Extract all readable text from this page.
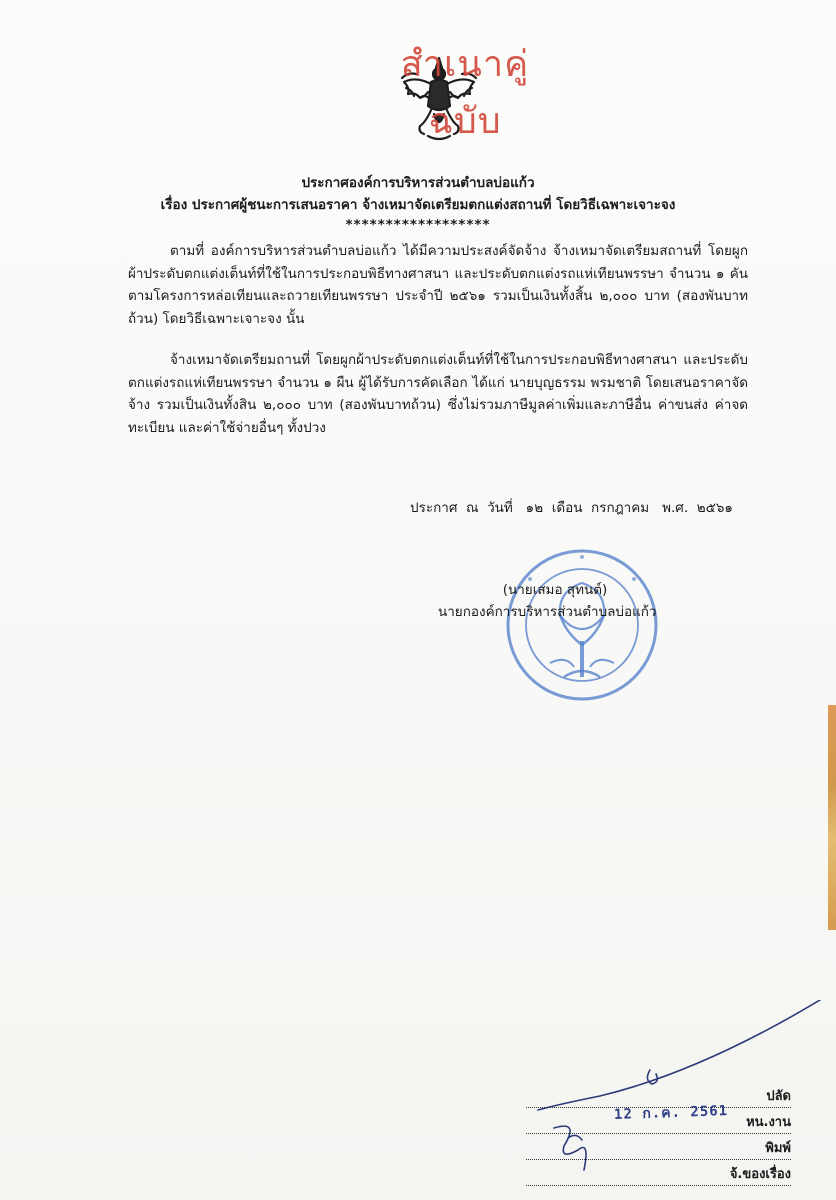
สำเนาคู่ฉบับ
ประกาศองค์การบริหารส่วนตำบลบ่อแก้ว
เรื่อง ประกาศผู้ชนะการเสนอราคา จ้างเหมาจัดเตรียมตกแต่งสถานที่ โดยวิธีเฉพาะเจาะจง
******************

ตามที่ องค์การบริหารส่วนตำบลบ่อแก้ว ได้มีความประสงค์จัดจ้าง จ้างเหมาจัดเตรียมสถานที่ โดยผูกผ้าประดับตกแต่งเต็นท์ที่ใช้ในการประกอบพิธีทางศาสนา และประดับตกแต่งรถแห่เทียนพรรษา จำนวน ๑ คัน ตามโครงการหล่อเทียนและถวายเทียนพรรษา ประจำปี ๒๕๖๑ รวมเป็นเงินทั้งสิ้น ๒,๐๐๐ บาท (สองพันบาทถ้วน) โดยวิธีเฉพาะเจาะจง นั้น

จ้างเหมาจัดเตรียมถานที่ โดยผูกผ้าประดับตกแต่งเต็นท์ที่ใช้ในการประกอบพิธีทางศาสนา และประดับตกแต่งรถแห่เทียนพรรษา จำนวน ๑ ผืน ผู้ได้รับการคัดเลือก ได้แก่ นายบุญธรรม พรมชาติ โดยเสนอราคาจัดจ้าง รวมเป็นเงินทั้งสิน ๒,๐๐๐ บาท (สองพันบาทถ้วน) ซึ่งไม่รวมภาษีมูลค่าเพิ่มและภาษีอื่น ค่าขนส่ง ค่าจดทะเบียน และค่าใช้จ่ายอื่นๆ ทั้งปวง

ประกาศ  ณ  วันที่   ๑๒  เดือน  กรกฎาคม   พ.ศ.  ๒๕๖๑
(นายเสมอ สุทนต์)
นายกองค์การบริหารส่วนตำบลบ่อแก้ว
ปลัด
หน.งาน
พิมพ์
จ้.ของเรื่อง
12 ก.ค. 2561
